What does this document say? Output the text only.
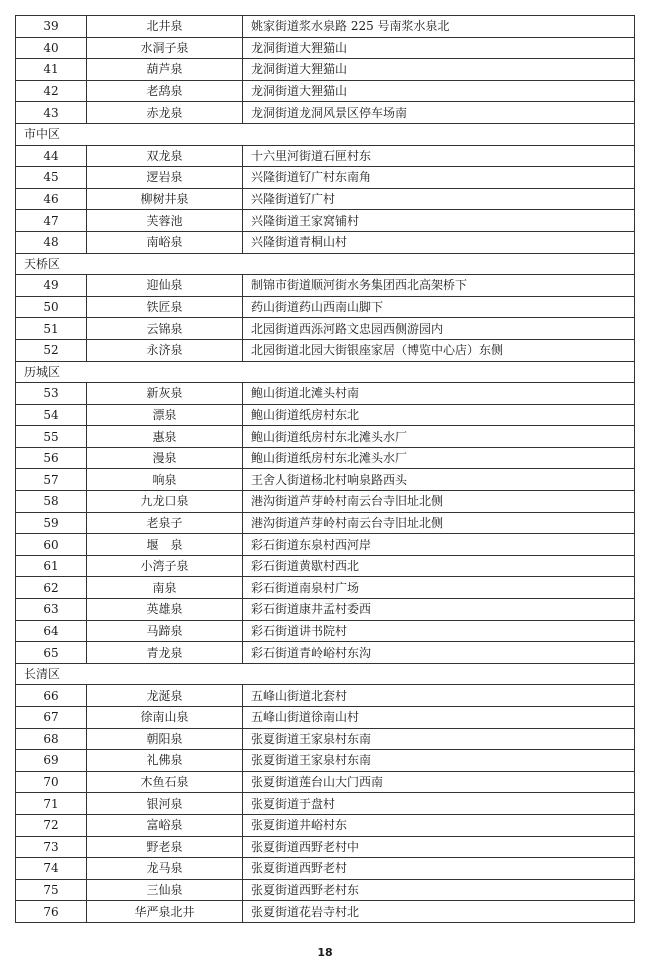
39	北井泉	姚家街道浆水泉路 225 号南浆水泉北
40	水洞子泉	龙洞街道大狸猫山
41	葫芦泉	龙洞街道大狸猫山
42	老鸹泉	龙洞街道大狸猫山
43	赤龙泉	龙洞街道龙洞风景区停车场南
市中区		
44	双龙泉	十六里河街道石匣村东
45	逻岩泉	兴隆街道钌广村东南角
46	柳树井泉	兴隆街道钌广村
47	芙蓉池	兴隆街道王家窝铺村
48	南峪泉	兴隆街道青桐山村
天桥区		
49	迎仙泉	制锦市街道顺河街水务集团西北高架桥下
50	铁匠泉	药山街道药山西南山脚下
51	云锦泉	北园街道西泺河路文忠园西侧游园内
52	永济泉	北园街道北园大街银座家居（博览中心店）东侧
历城区		
53	新灰泉	鲍山街道北滩头村南
54	漂泉	鲍山街道纸房村东北
55	惠泉	鲍山街道纸房村东北滩头水厂
56	漫泉	鲍山街道纸房村东北滩头水厂
57	响泉	王舍人街道杨北村响泉路西头
58	九龙口泉	港沟街道芦芽岭村南云台寺旧址北侧
59	老泉子	港沟街道芦芽岭村南云台寺旧址北侧
60	堰　泉	彩石街道东泉村西河岸
61	小湾子泉	彩石街道黄歇村西北
62	南泉	彩石街道南泉村广场
63	英雄泉	彩石街道康井孟村委西
64	马蹄泉	彩石街道讲书院村
65	青龙泉	彩石街道青岭峪村东沟
长清区		
66	龙涎泉	五峰山街道北套村
67	徐南山泉	五峰山街道徐南山村
68	朝阳泉	张夏街道王家泉村东南
69	礼佛泉	张夏街道王家泉村东南
70	木鱼石泉	张夏街道莲台山大门西南
71	银河泉	张夏街道于盘村
72	富峪泉	张夏街道井峪村东
73	野老泉	张夏街道西野老村中
74	龙马泉	张夏街道西野老村
75	三仙泉	张夏街道西野老村东
76	华严泉北井	张夏街道花岩寺村北
18
